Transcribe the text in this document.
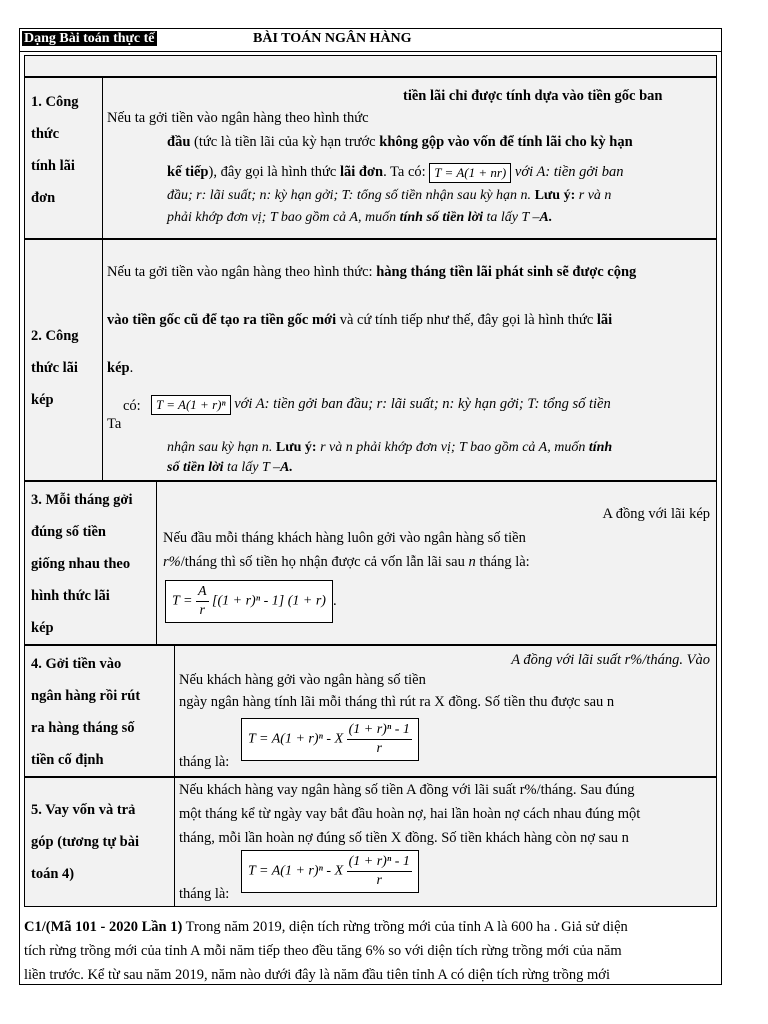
Dạng Bài toán thực tế	BÀI TOÁN NGÂN HÀNG
1. Công
thức
tính lãi
đơn
tiền lãi chỉ được tính dựa vào tiền gốc ban
Nếu ta gởi tiền vào ngân hàng theo hình thức
đầu (tức là tiền lãi của kỳ hạn trước không gộp vào vốn để tính lãi cho kỳ hạn
kế tiếp), đây gọi là hình thức lãi đơn. Ta có: T = A(1 + nr) với A: tiền gởi ban
đầu; r: lãi suất; n: kỳ hạn gởi; T: tổng số tiền nhận sau kỳ hạn n. Lưu ý: r và n
phải khớp đơn vị; T bao gồm cả A, muốn tính số tiền lời ta lấy T –A.
2. Công
thức lãi
kép
Nếu ta gởi tiền vào ngân hàng theo hình thức: hàng tháng tiền lãi phát sinh sẽ được cộng
vào tiền gốc cũ để tạo ra tiền gốc mới và cứ tính tiếp như thế, đây gọi là hình thức lãi
kép.
có:
Ta
T = A(1 + r)ⁿ với A: tiền gởi ban đầu; r: lãi suất; n: kỳ hạn gởi; T: tổng số tiền
nhận sau kỳ hạn n. Lưu ý: r và n phải khớp đơn vị; T bao gồm cả A, muốn tính
số tiền lời ta lấy T –A.
3. Mỗi tháng gởi
đúng số tiền
giống nhau theo
hình thức lãi
kép
A đồng với lãi kép
Nếu đầu mỗi tháng khách hàng luôn gởi vào ngân hàng số tiền
r%/tháng thì số tiền họ nhận được cả vốn lẫn lãi sau n tháng là:
$T = \frac{A}{r} [(1 + r)^n - 1] (1 + r)$ .
4. Gởi tiền vào
ngân hàng rồi rút
ra hàng tháng số
tiền cố định
A đồng với lãi suất r%/tháng. Vào
Nếu khách hàng gởi vào ngân hàng số tiền
ngày ngân hàng tính lãi mỗi tháng thì rút ra X đồng. Số tiền thu được sau n
tháng là:
T = A(1 + r)ⁿ - X $\frac{\text{(1 + r)ⁿ - 1}}{r}$
5. Vay vốn và trả
góp (tương tự bài
toán 4)
Nếu khách hàng vay ngân hàng số tiền A đồng với lãi suất r%/tháng. Sau đúng
một tháng kể từ ngày vay bắt đầu hoàn nợ, hai lần hoàn nợ cách nhau đúng một
tháng, mỗi lần hoàn nợ đúng số tiền X đồng. Số tiền khách hàng còn nợ sau n
tháng là:
T = A(1 + r)ⁿ - X $\frac{\text{(1 + r)ⁿ - 1}}{r}$
C1/(Mã 101 - 2020 Lần 1) Trong năm 2019, diện tích rừng trồng mới của tỉnh A là 600 ha . Giả sử diện
tích rừng trồng mới của tỉnh A mỗi năm tiếp theo đều tăng 6% so với diện tích rừng trồng mới của năm
liền trước. Kể từ sau năm 2019, năm nào dưới đây là năm đầu tiên tỉnh A có diện tích rừng trồng mới
